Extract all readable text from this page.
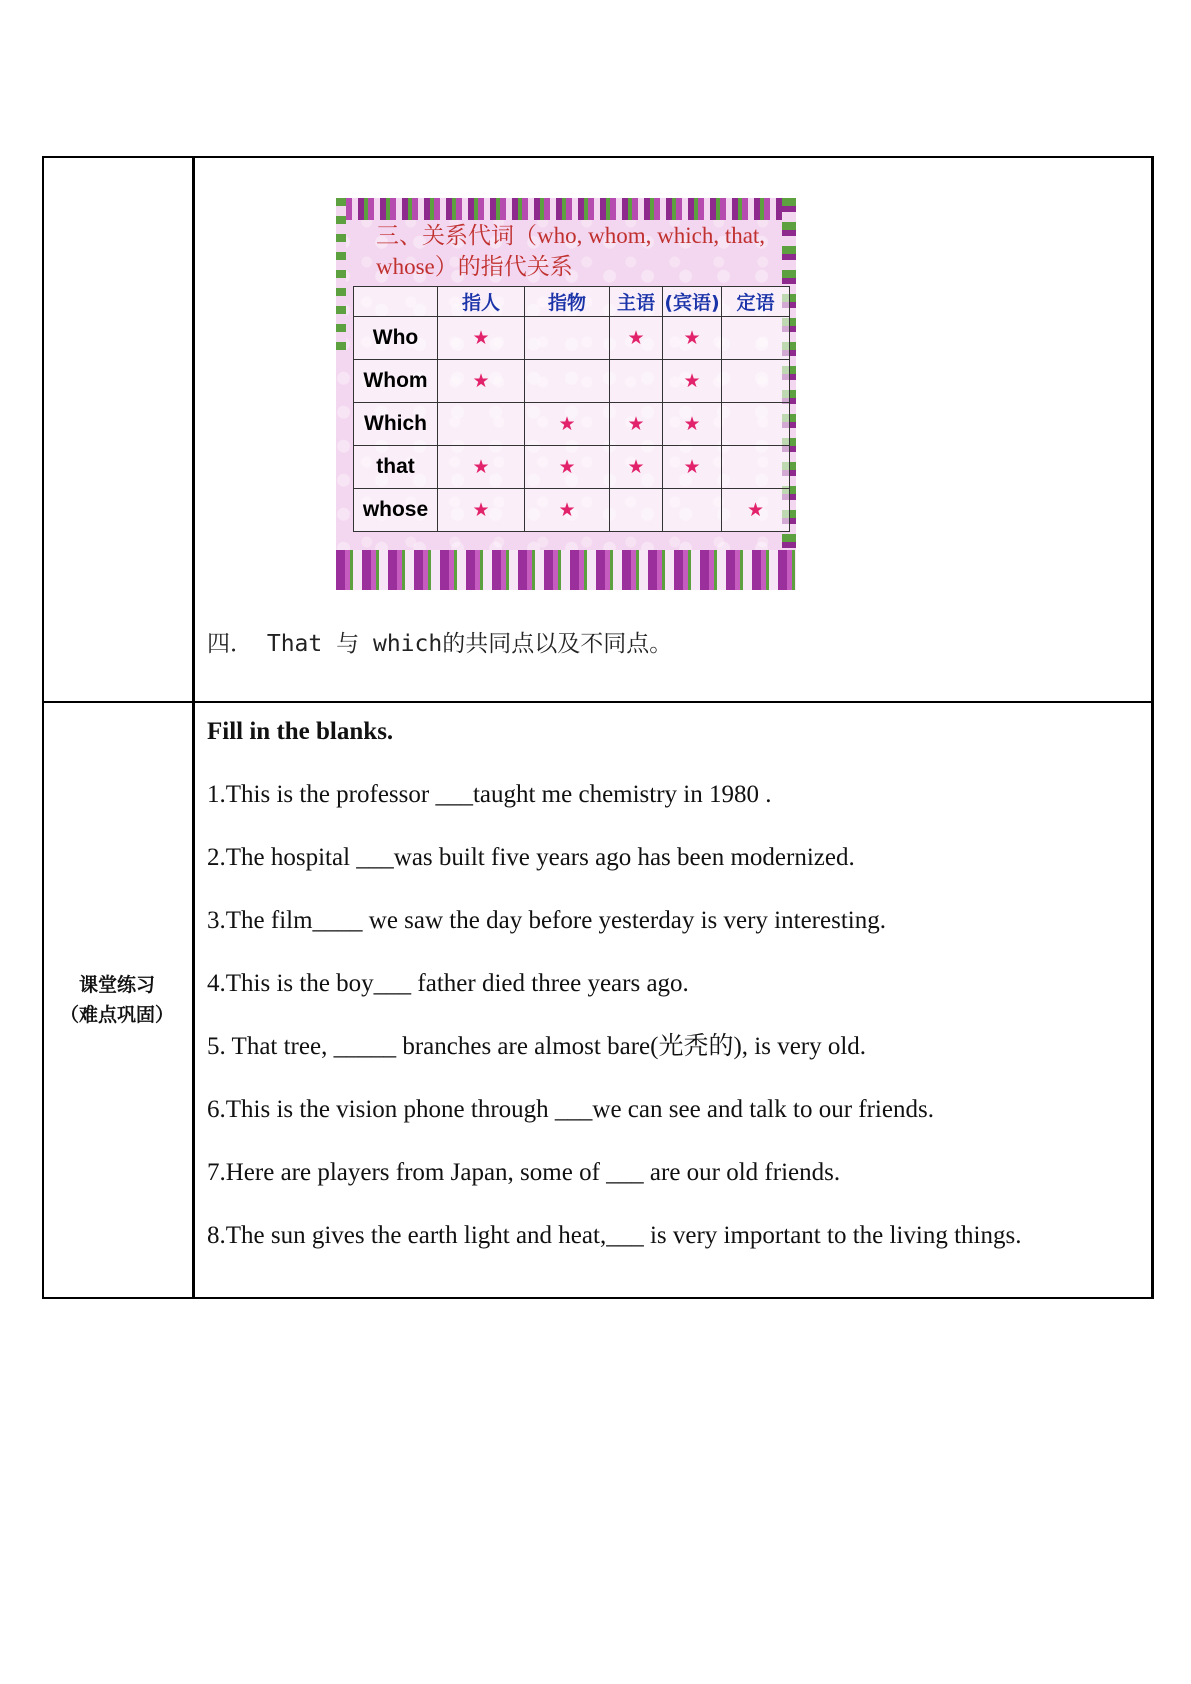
课堂练习
（难点巩固）
三、关系代词（who, whom, which, that, whose）的指代关系
	指人	指物	主语	(宾语)	定语
Who	★		★	★	
Whom	★			★	
Which		★	★	★	
that	★	★	★	★	
whose	★	★			★
四． That 与 which的共同点以及不同点。
Fill in the blanks.
1.This is the professor ___taught me chemistry in 1980 .
2.The hospital ___was built five years ago has been modernized.
3.The film____ we saw the day before yesterday is very interesting.
4.This is the boy___ father died three years ago.
5. That tree, _____ branches are almost bare(光秃的), is very old.
6.This is the vision phone through ___we can see and talk to our friends.
7.Here are players from Japan, some of ___ are our old friends.
8.The sun gives the earth light and heat,___ is very important to the living things.
